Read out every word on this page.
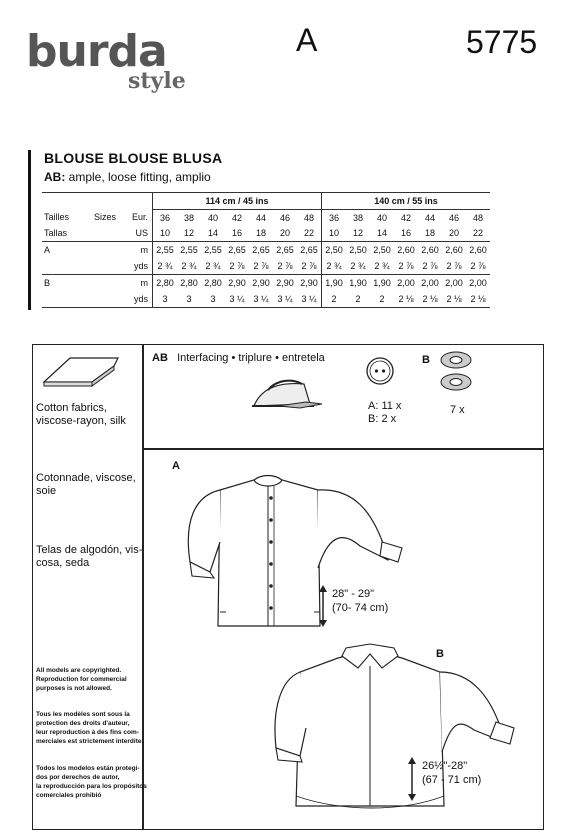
burda
style
A	5775
BLOUSE BLOUSE BLUSA
AB: ample, loose fitting, amplio
			114 cm / 45 ins							140 cm / 55 ins						
Tailles	Sizes	Eur.	36	38	40	42	44	46	48	36	38	40	42	44	46	48
Tallas		US	10	12	14	16	18	20	22	10	12	14	16	18	20	22
A		m	2,55	2,55	2,55	2,65	2,65	2,65	2,65	2,50	2,50	2,50	2,60	2,60	2,60	2,60
		yds	2 ¾	2 ¾	2 ¾	2 ⅞	2 ⅞	2 ⅞	2 ⅞	2 ¾	2 ¾	2 ¾	2 ⅞	2 ⅞	2 ⅞	2 ⅞
B		m	2,80	2,80	2,80	2,90	2,90	2,90	2,90	1,90	1,90	1,90	2,00	2,00	2,00	2,00
		yds	3	3	3	3 ¼	3 ¼	3 ¼	3 ¼	2	2	2	2 ⅛	2 ⅛	2 ⅛	2 ⅛
Cotton fabrics,
viscose-rayon, silk
Cotonnade, viscose,
soie
Telas de algodón, vis-
cosa, seda
All models are copyrighted.
Reproduction for commercial
purposes is not allowed.
Tous les modèles sont sous la
protection des droits d'auteur,
leur reproduction à des fins com-
merciales est strictement interdite.
Todos los modelos están protegi-
dos por derechos de autor,
la reproducción para los propósitos
comerciales prohibió
AB Interfacing • triplure • entretela
A: 11 x
B: 2 x
B
7 x
A
28" - 29"
(70- 74 cm)
B
26½"-28"
(67 - 71 cm)
